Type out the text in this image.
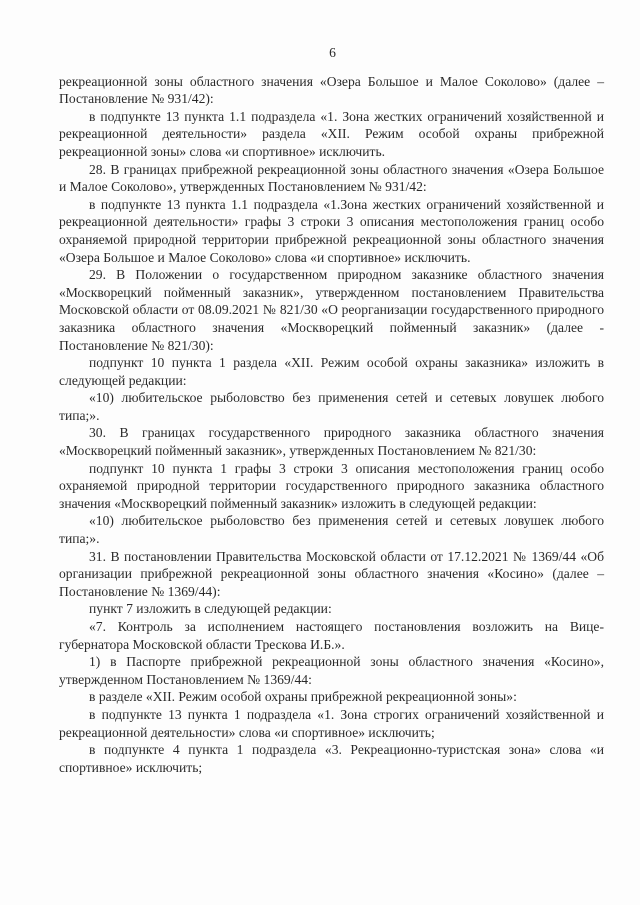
6

рекреационной зоны областного значения «Озера Большое и Малое Соколово» (далее – Постановление № 931/42):

в подпункте 13 пункта 1.1 подраздела «1. Зона жестких ограничений хозяйственной и рекреационной деятельности» раздела «XII. Режим особой охраны прибрежной рекреационной зоны» слова «и спортивное» исключить.

28. В границах прибрежной рекреационной зоны областного значения «Озера Большое и Малое Соколово», утвержденных Постановлением № 931/42:

в подпункте 13 пункта 1.1 подраздела «1.Зона жестких ограничений хозяйственной и рекреационной деятельности» графы 3 строки 3 описания местоположения границ особо охраняемой природной территории прибрежной рекреационной зоны областного значения «Озера Большое и Малое Соколово» слова «и спортивное» исключить.

29. В Положении о государственном природном заказнике областного значения «Москворецкий пойменный заказник», утвержденном постановлением Правительства Московской области от 08.09.2021 № 821/30 «О реорганизации государственного природного заказника областного значения «Москворецкий пойменный заказник» (далее - Постановление № 821/30):

подпункт 10 пункта 1 раздела «XII. Режим особой охраны заказника» изложить в следующей редакции:

«10) любительское рыболовство без применения сетей и сетевых ловушек любого типа;».

30. В границах государственного природного заказника областного значения «Москворецкий пойменный заказник», утвержденных Постановлением № 821/30:

подпункт 10 пункта 1 графы 3 строки 3 описания местоположения границ особо охраняемой природной территории государственного природного заказника областного значения «Москворецкий пойменный заказник» изложить в следующей редакции:

«10) любительское рыболовство без применения сетей и сетевых ловушек любого типа;».

31. В постановлении Правительства Московской области от 17.12.2021 № 1369/44 «Об организации прибрежной рекреационной зоны областного значения «Косино» (далее – Постановление № 1369/44):

пункт 7 изложить в следующей редакции:

«7. Контроль за исполнением настоящего постановления возложить на Вице-губернатора Московской области Трескова И.Б.».

1) в Паспорте прибрежной рекреационной зоны областного значения «Косино», утвержденном Постановлением № 1369/44:

в разделе «XII. Режим особой охраны прибрежной рекреационной зоны»:

в подпункте 13 пункта 1 подраздела «1. Зона строгих ограничений хозяйственной и рекреационной деятельности» слова «и спортивное» исключить;

в подпункте 4 пункта 1 подраздела «3. Рекреационно-туристская зона» слова «и спортивное» исключить;
